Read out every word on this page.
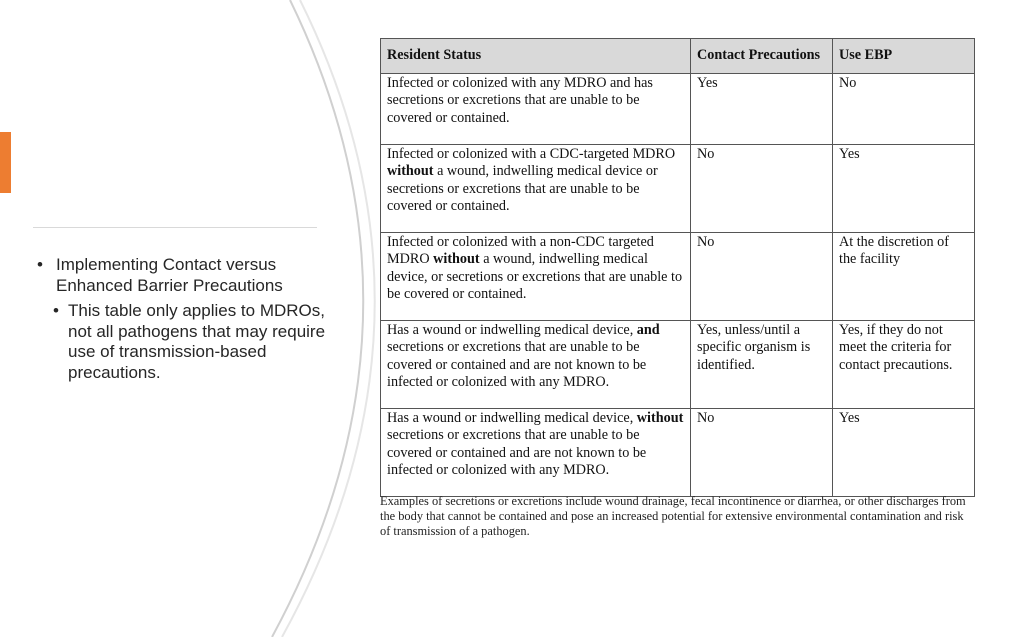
• Implementing Contact versus Enhanced Barrier Precautions
• This table only applies to MDROs, not all pathogens that may require use of transmission-based precautions.
Resident Status	Contact Precautions	Use EBP
Infected or colonized with any MDRO and has secretions or excretions that are unable to be covered or contained.	Yes	No
Infected or colonized with a CDC-targeted MDRO without a wound, indwelling medical device or secretions or excretions that are unable to be covered or contained.	No	Yes
Infected or colonized with a non-CDC targeted MDRO without a wound, indwelling medical device, or secretions or excretions that are unable to be covered or contained.	No	At the discretion of the facility
Has a wound or indwelling medical device, and secretions or excretions that are unable to be covered or contained and are not known to be infected or colonized with any MDRO.	Yes, unless/until a specific organism is identified.	Yes, if they do not meet the criteria for contact precautions.
Has a wound or indwelling medical device, without secretions or excretions that are unable to be covered or contained and are not known to be infected or colonized with any MDRO.	No	Yes
Examples of secretions or excretions include wound drainage, fecal incontinence or diarrhea, or other discharges from the body that cannot be contained and pose an increased potential for extensive environmental contamination and risk of transmission of a pathogen.
